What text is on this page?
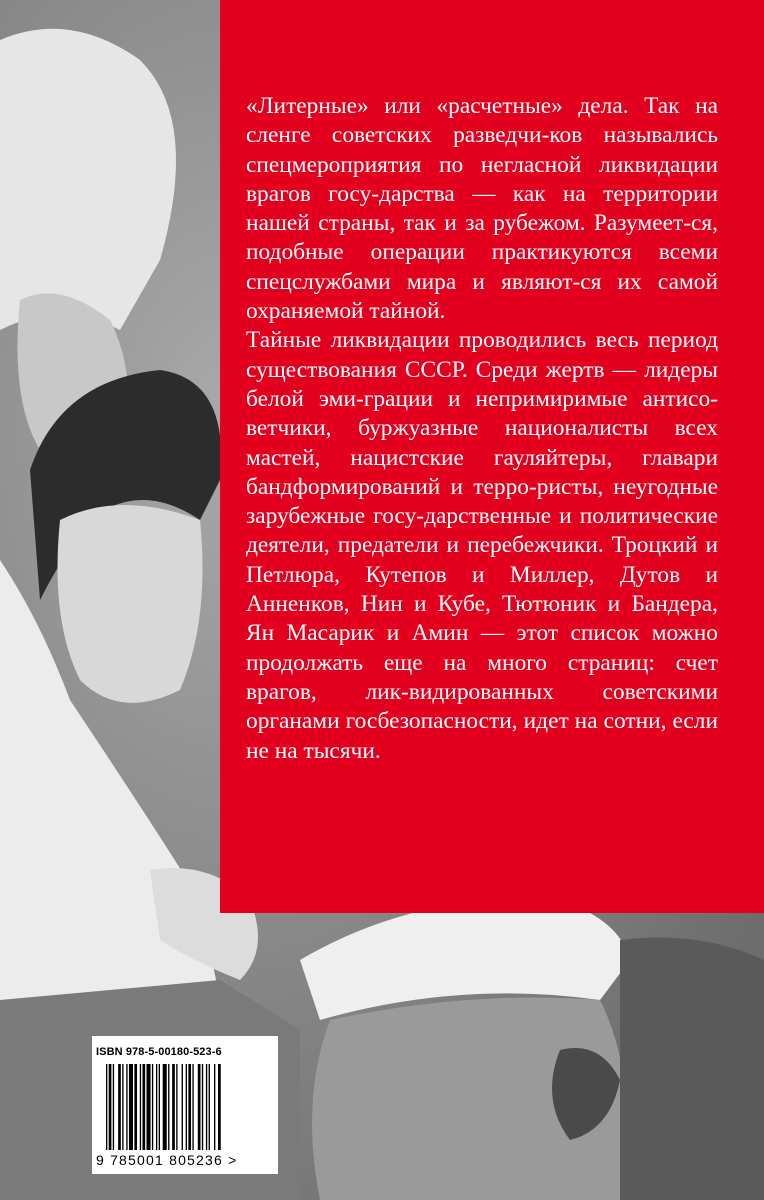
«Литерные» или «расчетные» дела. Так на сленге советских разведчи-ков назывались спецмероприятия по негласной ликвидации врагов госу-дарства — как на территории нашей страны, так и за рубежом. Разумеет-ся, подобные операции практикуются всеми спецслужбами мира и являют-ся их самой охраняемой тайной.

Тайные ликвидации проводились весь период существования СССР. Среди жертв — лидеры белой эми-грации и непримиримые антисо-ветчики, буржуазные националисты всех мастей, нацистские гауляйтеры, главари бандформирований и терро-ристы, неугодные зарубежные госу-дарственные и политические деятели, предатели и перебежчики. Троцкий и Петлюра, Кутепов и Миллер, Дутов и Анненков, Нин и Кубе, Тютюник и Бандера, Ян Масарик и Амин — этот список можно продолжать еще на много страниц: счет врагов, лик-видированных советскими органами госбезопасности, идет на сотни, если не на тысячи.

ISBN 978-5-00180-523-6
9 785001 805236 >
